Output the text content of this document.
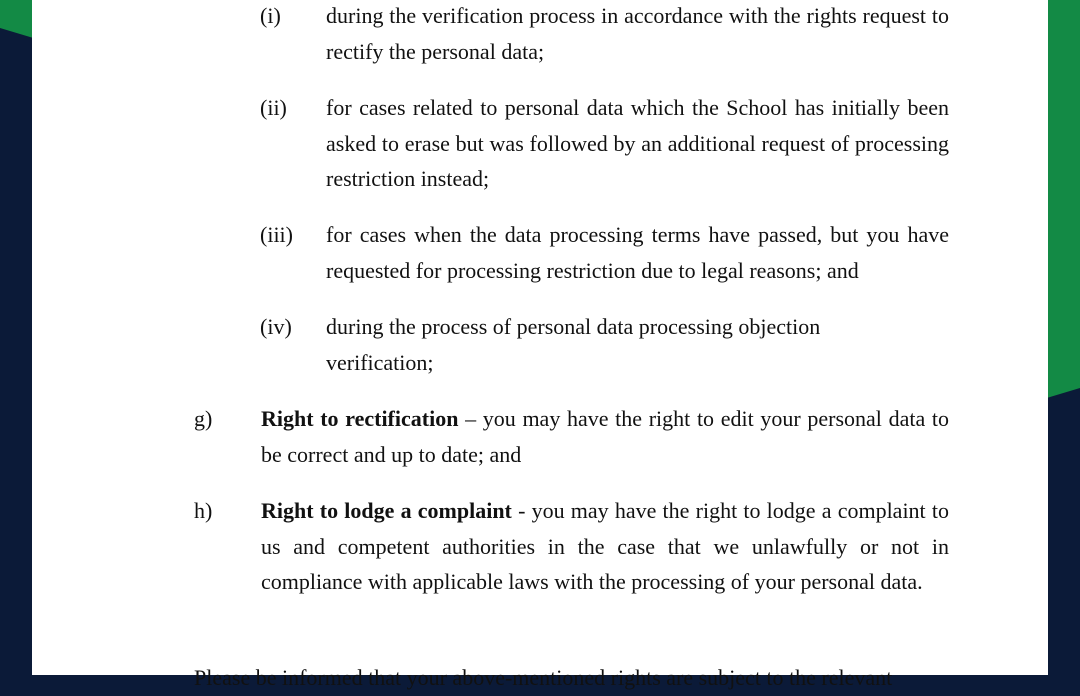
(i) during the verification process in accordance with the rights request to rectify the personal data;
(ii) for cases related to personal data which the School has initially been asked to erase but was followed by an additional request of processing restriction instead;
(iii) for cases when the data processing terms have passed, but you have requested for processing restriction due to legal reasons; and
(iv) during the process of personal data processing objection verification;
g) Right to rectification – you may have the right to edit your personal data to be correct and up to date; and
h) Right to lodge a complaint - you may have the right to lodge a complaint to us and competent authorities in the case that we unlawfully or not in compliance with applicable laws with the processing of your personal data.
Please be informed that your above-mentioned rights are subject to the relevant
